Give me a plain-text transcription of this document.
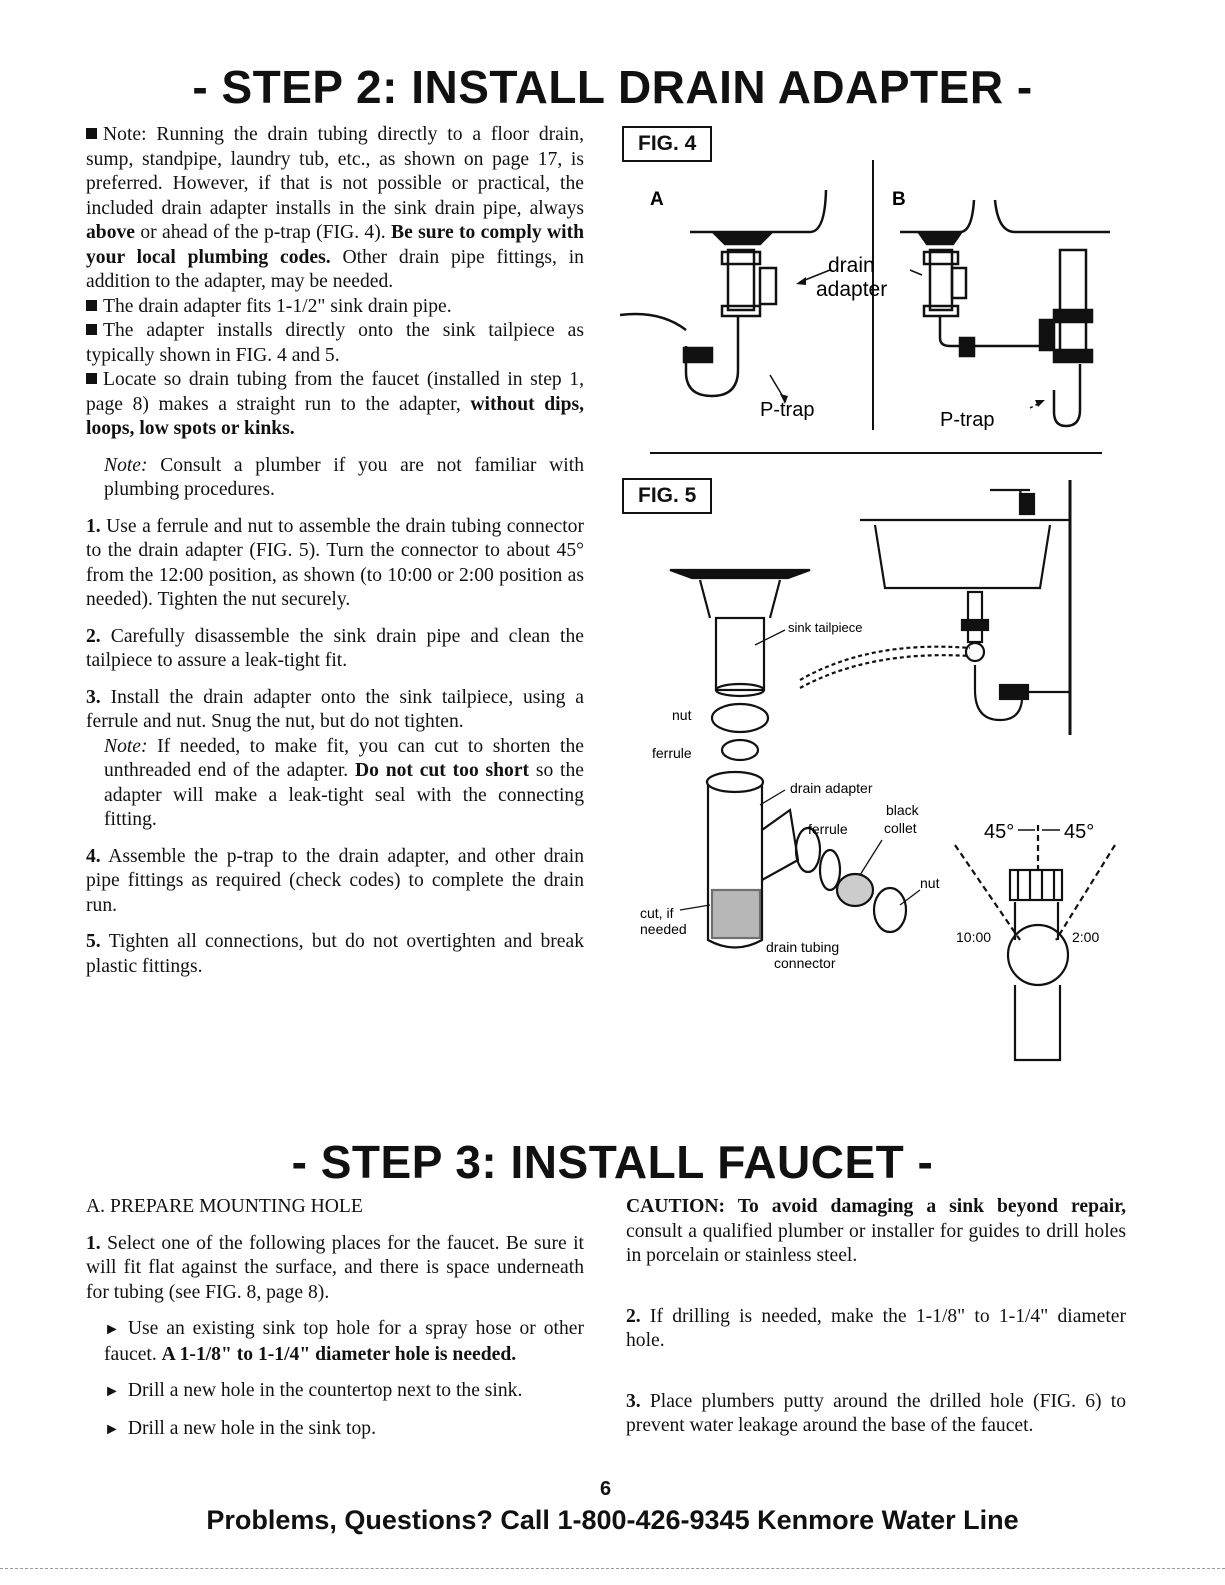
- STEP 2: INSTALL DRAIN ADAPTER -

Note: Running the drain tubing directly to a floor drain, sump, standpipe, laundry tub, etc., as shown on page 17, is preferred. However, if that is not possible or practical, the included drain adapter installs in the sink drain pipe, always above or ahead of the p-trap (FIG. 4). Be sure to comply with your local plumbing codes. Other drain pipe fittings, in addition to the adapter, may be needed.

The drain adapter fits 1-1/2" sink drain pipe.

The adapter installs directly onto the sink tailpiece as typically shown in FIG. 4 and 5.

Locate so drain tubing from the faucet (installed in step 1, page 8) makes a straight run to the adapter, without dips, loops, low spots or kinks.

Note: Consult a plumber if you are not familiar with plumbing procedures.

1. Use a ferrule and nut to assemble the drain tubing connector to the drain adapter (FIG. 5). Turn the connector to about 45° from the 12:00 position, as shown (to 10:00 or 2:00 position as needed). Tighten the nut securely.

2. Carefully disassemble the sink drain pipe and clean the tailpiece to assure a leak-tight fit.

3. Install the drain adapter onto the sink tailpiece, using a ferrule and nut. Snug the nut, but do not tighten.

Note: If needed, to make fit, you can cut to shorten the unthreaded end of the adapter. Do not cut too short so the adapter will make a leak-tight seal with the connecting fitting.

4. Assemble the p-trap to the drain adapter, and other drain pipe fittings as required (check codes) to complete the drain run.

5. Tighten all connections, but do not overtighten and break plastic fittings.

FIG. 4
A	B
drain
adapter
P-trap	P-trap
FIG. 5
sink tailpiece
nut
ferrule
drain adapter
black
ferrule	collet
nut
cut, if
needed
drain tubing
connector
45° 45°
10:00	2:00
- STEP 3: INSTALL FAUCET -

A. PREPARE MOUNTING HOLE

1. Select one of the following places for the faucet. Be sure it will fit flat against the surface, and there is space underneath for tubing (see FIG. 8, page 8).

► Use an existing sink top hole for a spray hose or other faucet. A 1-1/8" to 1-1/4" diameter hole is needed.

► Drill a new hole in the countertop next to the sink.

► Drill a new hole in the sink top.

CAUTION: To avoid damaging a sink beyond repair, consult a qualified plumber or installer for guides to drill holes in porcelain or stainless steel.

2. If drilling is needed, make the 1-1/8" to 1-1/4" diameter hole.

3. Place plumbers putty around the drilled hole (FIG. 6) to prevent water leakage around the base of the faucet.

6
Problems, Questions? Call 1-800-426-9345 Kenmore Water Line
